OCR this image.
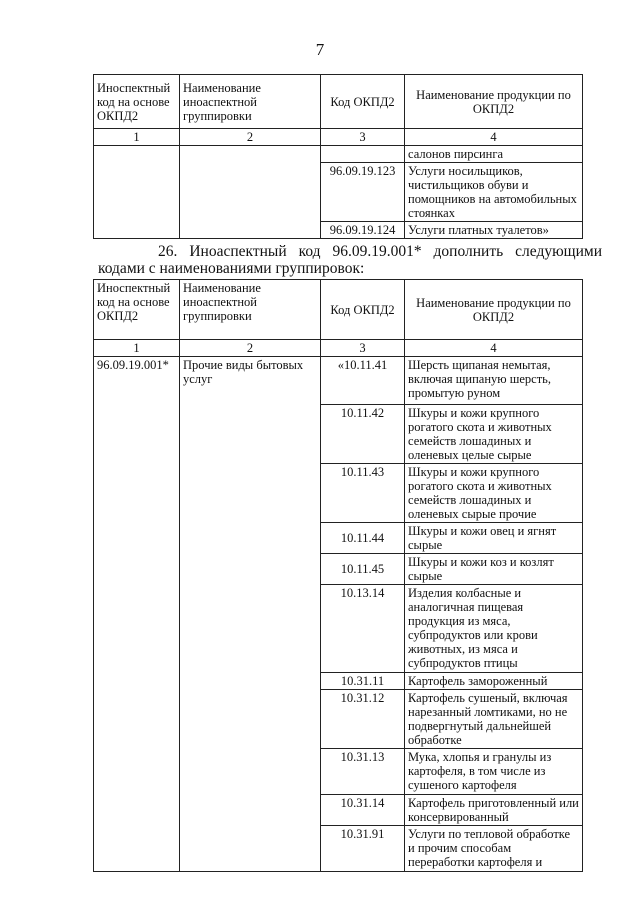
7
Иноспектный код на основе ОКПД2	Наименование иноаспектной группировки	Код ОКПД2	Наименование продукции по ОКПД2
1	2	3	4
			салонов пирсинга
		96.09.19.123	Услуги носильщиков, чистильщиков обуви и помощников на автомобильных стоянках
		96.09.19.124	Услуги платных туалетов»
26. Иноаспектный код 96.09.19.001* дополнить следующими кодами с наименованиями группировок:
Иноспектный код на основе ОКПД2	Наименование иноаспектной группировки	Код ОКПД2	Наименование продукции по ОКПД2
1	2	3	4
96.09.19.001*	Прочие виды бытовых услуг	«10.11.41	Шерсть щипаная немытая, включая щипаную шерсть, промытую руном
		10.11.42	Шкуры и кожи крупного рогатого скота и животных семейств лошадиных и оленевых целые сырые
		10.11.43	Шкуры и кожи крупного рогатого скота и животных семейств лошадиных и оленевых сырые прочие
		10.11.44	Шкуры и кожи овец и ягнят сырые
		10.11.45	Шкуры и кожи коз и козлят сырые
		10.13.14	Изделия колбасные и аналогичная пищевая продукция из мяса, субпродуктов или крови животных, из мяса и субпродуктов птицы
		10.31.11	Картофель замороженный
		10.31.12	Картофель сушеный, включая нарезанный ломтиками, но не подвергнутый дальнейшей обработке
		10.31.13	Мука, хлопья и гранулы из картофеля, в том числе из сушеного картофеля
		10.31.14	Картофель приготовленный или консервированный
		10.31.91	Услуги по тепловой обработке и прочим способам переработки картофеля и
